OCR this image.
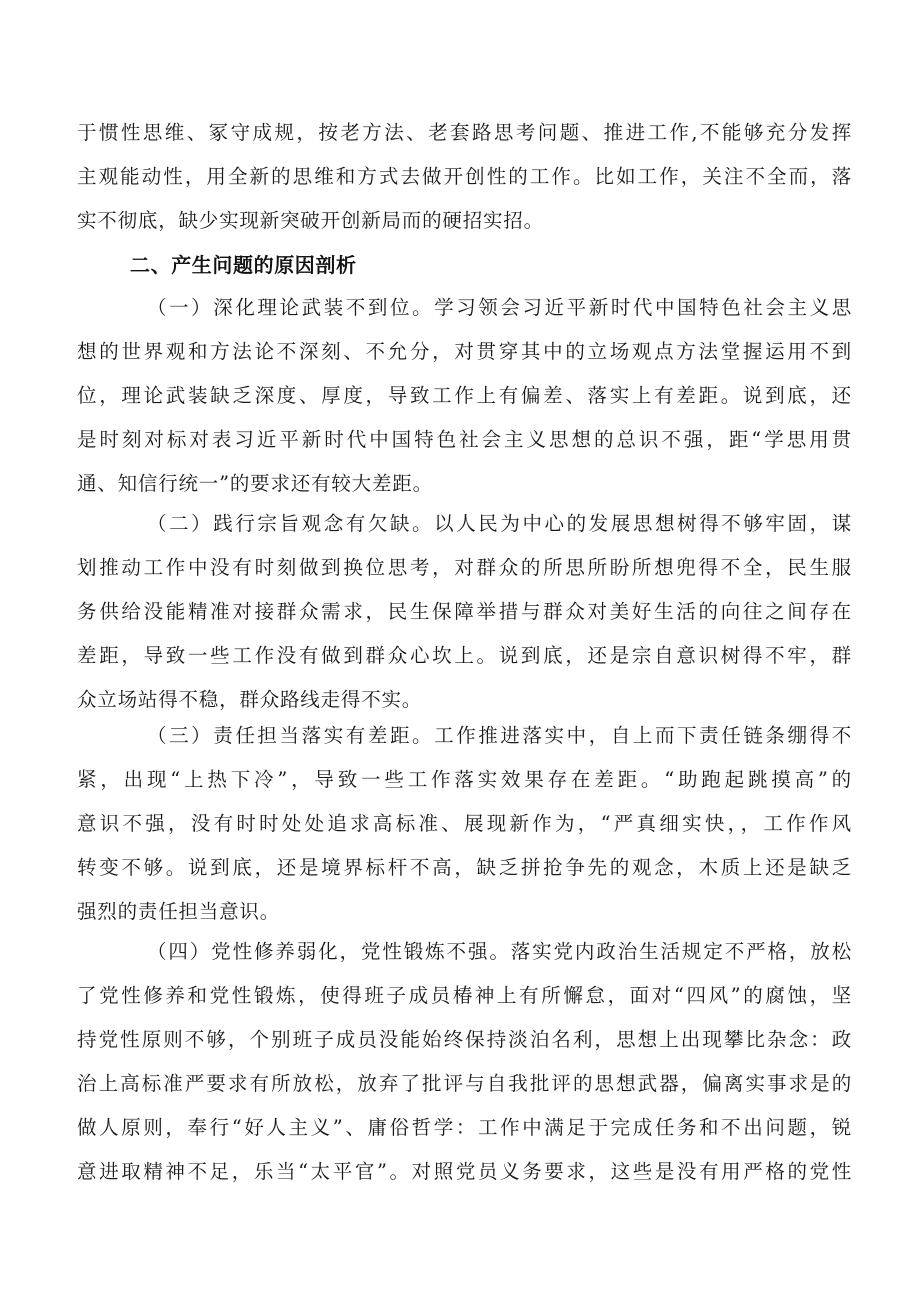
于惯性思维、冢守成规，按老方法、老套路思考问题、推进工作,不能够充分发挥
主观能动性，用全新的思维和方式去做开创性的工作。比如工作，关注不全而，落
实不彻底，缺少实现新突破开创新局而的硬招实招。
二、产生问题的原因剖析
（一）深化理论武装不到位。学习领会习近平新时代中国特色社会主义思
想的世界观和方法论不深刻、不允分，对贯穿其中的立场观点方法堂握运用不到
位，理论武装缺乏深度、厚度，导致工作上有偏差、落实上有差距。说到底，还
是时刻对标对表习近平新时代中国特色社会主义思想的总识不强，距“学思用贯
通、知信行统一”的要求还有较大差距。
（二）践行宗旨观念有欠缺。以人民为中心的发展思想树得不够牢固，谋
划推动工作中没有时刻做到换位思考，对群众的所思所盼所想兜得不全，民生服
务供给没能精准对接群众需求，民生保障举措与群众对美好生活的向往之间存在
差距，导致一些工作没有做到群众心坎上。说到底，还是宗自意识树得不牢，群
众立场站得不稳，群众路线走得不实。
（三）责任担当落实有差距。工作推进落实中，自上而下责任链条绷得不
紧，出现“上热下冷”，导致一些工作落实效果存在差距。“助跑起跳摸高”的
意识不强，没有时时处处追求高标准、展现新作为，“严真细实快，，工作作风
转变不够。说到底，还是境界标杆不高，缺乏拼抢争先的观念，木质上还是缺乏
强烈的责任担当意识。
（四）党性修养弱化，党性锻炼不强。落实党内政治生活规定不严格，放松
了党性修养和党性锻炼，使得班子成员椿神上有所懈怠，面对“四风”的腐蚀，坚
持党性原则不够，个别班子成员没能始终保持淡泊名利，思想上出现攀比杂念：政
治上高标准严要求有所放松，放弃了批评与自我批评的思想武器，偏离实事求是的
做人原则，奉行“好人主义”、庸俗哲学：工作中满足于完成任务和不出问题，锐
意进取精神不足，乐当“太平官”。对照党员义务要求，这些是没有用严格的党性
